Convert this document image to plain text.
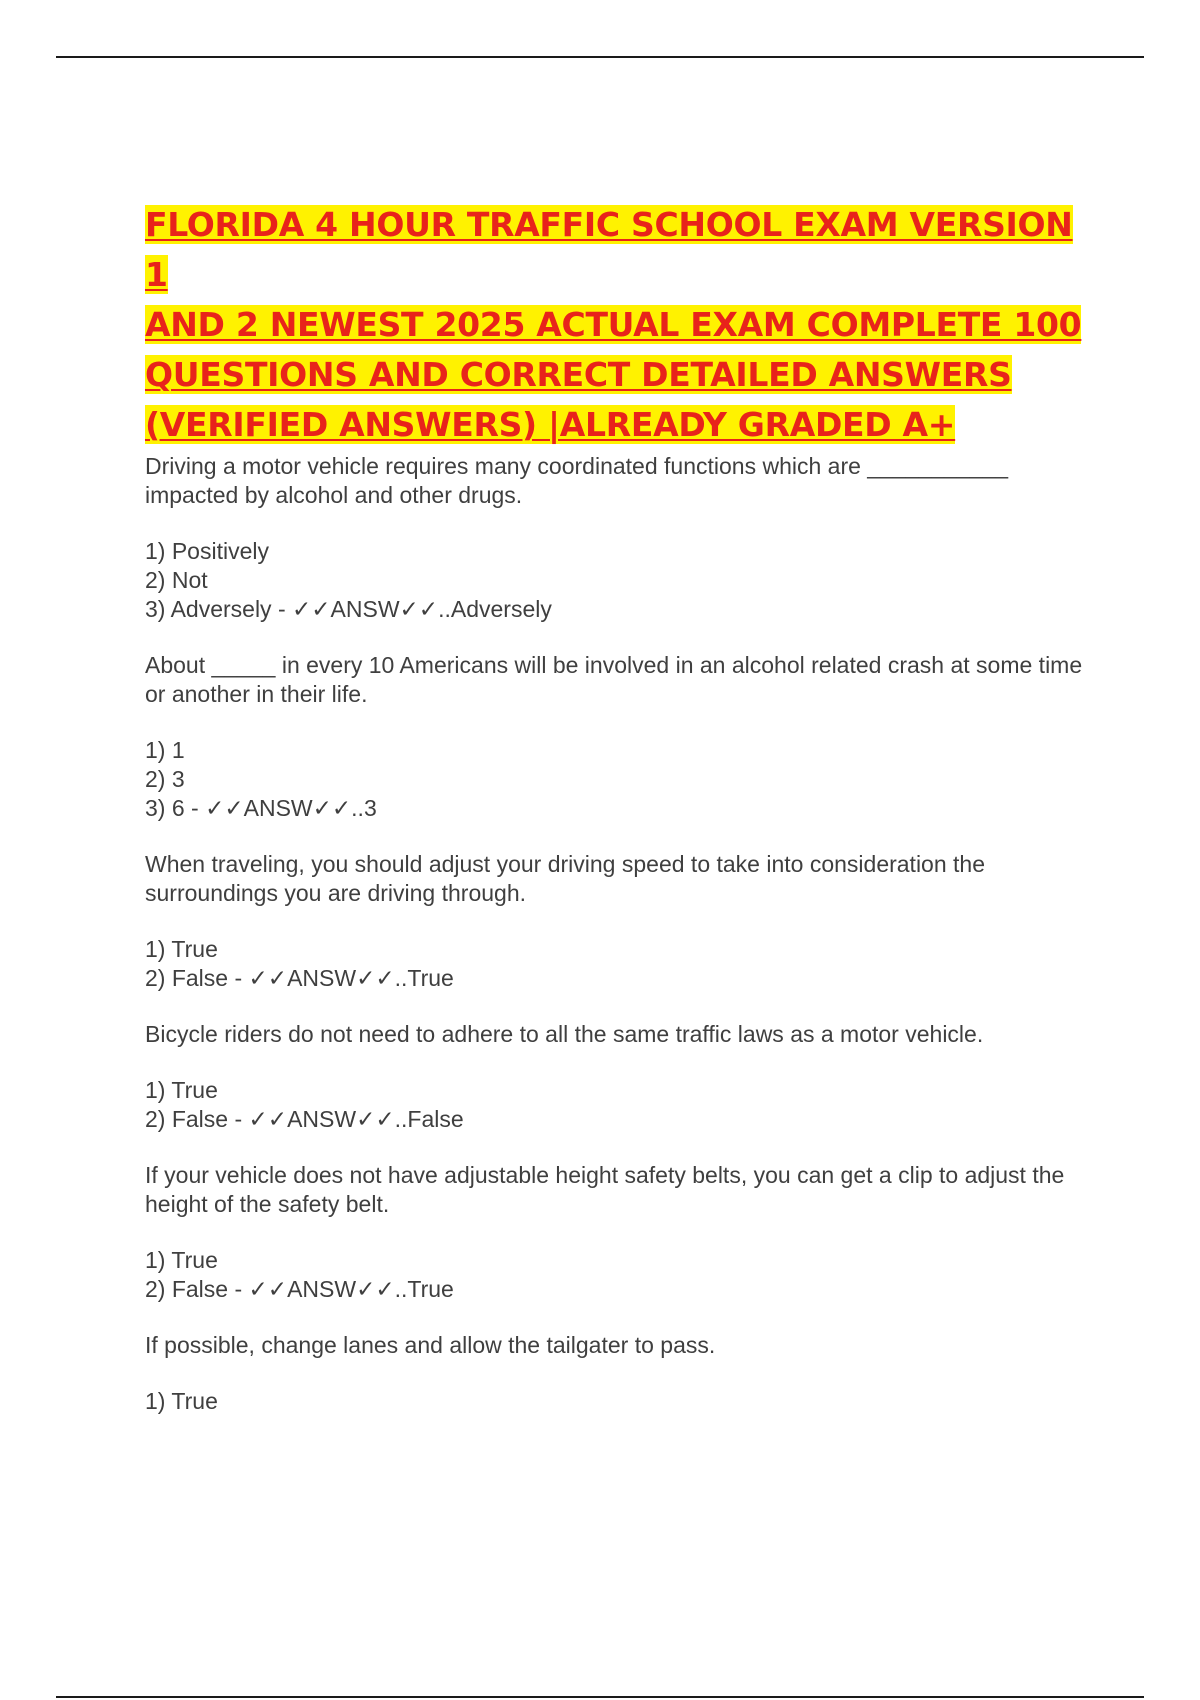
FLORIDA 4 HOUR TRAFFIC SCHOOL EXAM VERSION 1
AND 2 NEWEST 2025 ACTUAL EXAM COMPLETE 100
QUESTIONS AND CORRECT DETAILED ANSWERS
(VERIFIED ANSWERS) |ALREADY GRADED A+

Driving a motor vehicle requires many coordinated functions which are ___________ impacted by alcohol and other drugs.

1) Positively
2) Not
3) Adversely - ✓✓ANSW✓✓..Adversely

About _____ in every 10 Americans will be involved in an alcohol related crash at some time or another in their life.

1) 1
2) 3
3) 6 - ✓✓ANSW✓✓..3

When traveling, you should adjust your driving speed to take into consideration the surroundings you are driving through.

1) True
2) False - ✓✓ANSW✓✓..True

Bicycle riders do not need to adhere to all the same traffic laws as a motor vehicle.

1) True
2) False - ✓✓ANSW✓✓..False

If your vehicle does not have adjustable height safety belts, you can get a clip to adjust the height of the safety belt.

1) True
2) False - ✓✓ANSW✓✓..True

If possible, change lanes and allow the tailgater to pass.

1) True
